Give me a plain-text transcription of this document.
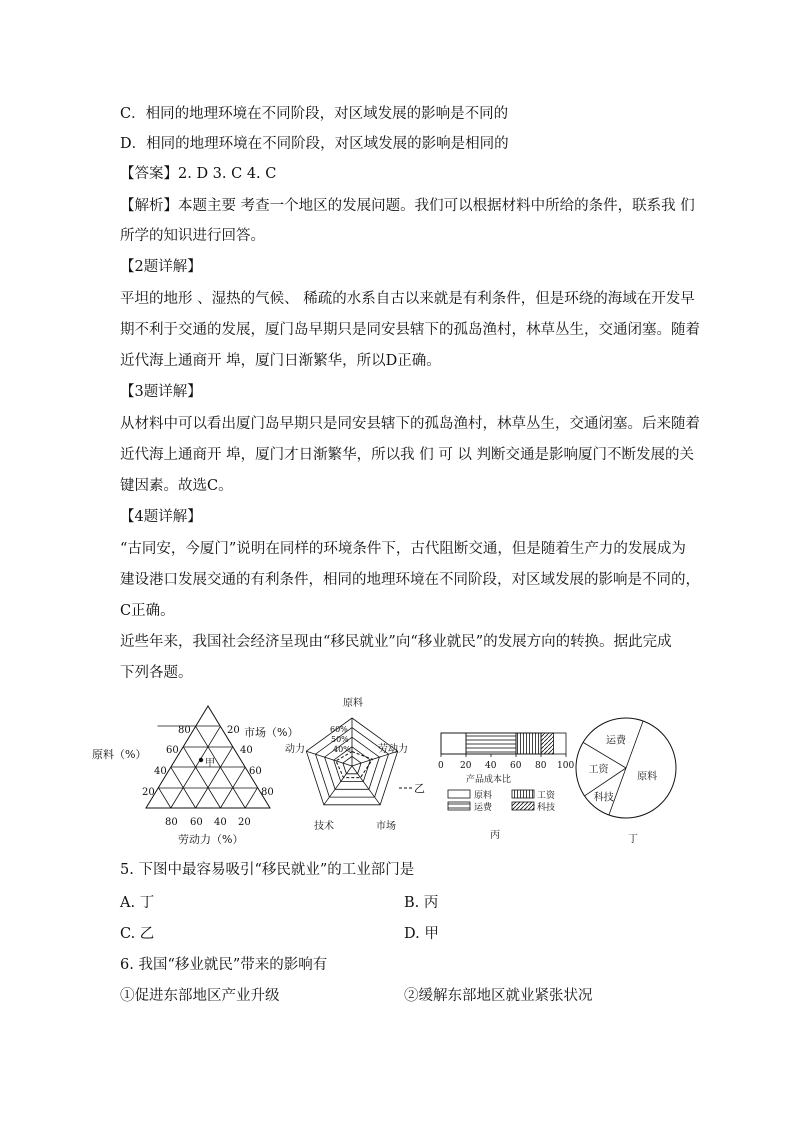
C．相同的地理环境在不同阶段，对区域发展的影响是不同的
D．相同的地理环境在不同阶段，对区域发展的影响是相同的
【答案】2. D 3. C 4. C
【解析】本题主要 考查一个地区的发展问题。我们可以根据材料中所给的条件，联系我 们
所学的知识进行回答。
【2题详解】
平坦的地形 、湿热的气候、 稀疏的水系自古以来就是有利条件，但是环绕的海域在开发早
期不利于交通的发展，厦门岛早期只是同安县辖下的孤岛渔村，林草丛生，交通闭塞。随着
近代海上通商开 埠，厦门日渐繁华，所以D正确。
【3题详解】
从材料中可以看出厦门岛早期只是同安县辖下的孤岛渔村，林草丛生，交通闭塞。后来随着
近代海上通商开 埠，厦门才日渐繁华，所以我 们 可 以 判断交通是影响厦门不断发展的关
键因素。故选C。
【4题详解】
“古同安，今厦门”说明在同样的环境条件下，古代阻断交通，但是随着生产力的发展成为
建设港口发展交通的有利条件，相同的地理环境在不同阶段，对区域发展的影响是不同的，
C正确。
近些年来，我国社会经济呈现由“移民就业”向“移业就民”的发展方向的转换。据此完成
下列各题。
甲
原料（%）
市场（%）
劳动力（%）
80
60
40
20
20
40
60
80
80 60 40 20
原料
劳动力
市场
技术
动力
60%
50%
40%
乙
0 20 40 60 80 100
原料	工资
运费	科技
产品成本比
丙
原料
科技
工资
运费
丁
5. 下图中最容易吸引“移民就业”的工业部门是
A. 丁	B. 丙
C. 乙	D. 甲
6. 我国“移业就民”带来的影响有
①促进东部地区产业升级	②缓解东部地区就业紧张状况
